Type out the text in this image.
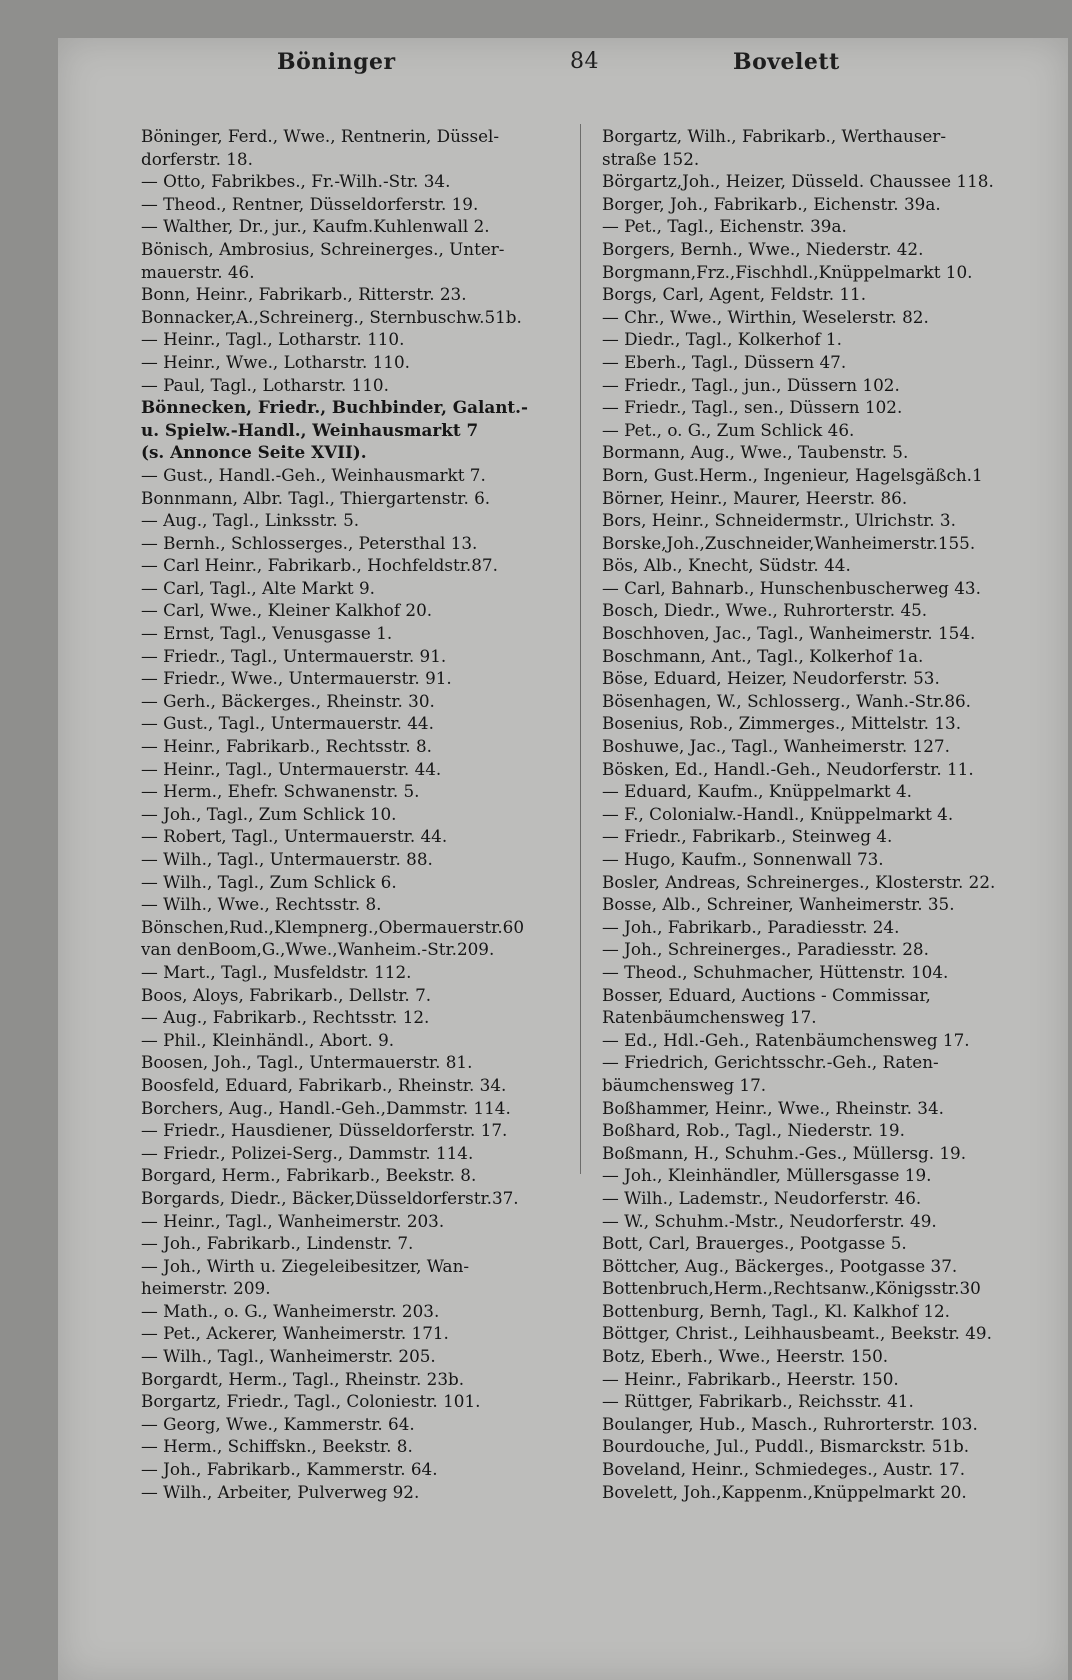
Böninger	84	Bovelett
Böninger, Ferd., Wwe., Rentnerin, Düssel-
dorferstr. 18.
— Otto, Fabrikbes., Fr.-Wilh.-Str. 34.
— Theod., Rentner, Düsseldorferstr. 19.
— Walther, Dr., jur., Kaufm.Kuhlenwall 2.
Bönisch, Ambrosius, Schreinerges., Unter-
mauerstr. 46.
Bonn, Heinr., Fabrikarb., Ritterstr. 23.
Bonnacker,A.,Schreinerg., Sternbuschw.51b.
— Heinr., Tagl., Lotharstr. 110.
— Heinr., Wwe., Lotharstr. 110.
— Paul, Tagl., Lotharstr. 110.
Bönnecken, Friedr., Buchbinder, Galant.-
u. Spielw.-Handl., Weinhausmarkt 7
(s. Annonce Seite XVII).
— Gust., Handl.-Geh., Weinhausmarkt 7.
Bonnmann, Albr. Tagl., Thiergartenstr. 6.
— Aug., Tagl., Linksstr. 5.
— Bernh., Schlosserges., Petersthal 13.
— Carl Heinr., Fabrikarb., Hochfeldstr.87.
— Carl, Tagl., Alte Markt 9.
— Carl, Wwe., Kleiner Kalkhof 20.
— Ernst, Tagl., Venusgasse 1.
— Friedr., Tagl., Untermauerstr. 91.
— Friedr., Wwe., Untermauerstr. 91.
— Gerh., Bäckerges., Rheinstr. 30.
— Gust., Tagl., Untermauerstr. 44.
— Heinr., Fabrikarb., Rechtsstr. 8.
— Heinr., Tagl., Untermauerstr. 44.
— Herm., Ehefr. Schwanenstr. 5.
— Joh., Tagl., Zum Schlick 10.
— Robert, Tagl., Untermauerstr. 44.
— Wilh., Tagl., Untermauerstr. 88.
— Wilh., Tagl., Zum Schlick 6.
— Wilh., Wwe., Rechtsstr. 8.
Bönschen,Rud.,Klempnerg.,Obermauerstr.60
van denBoom,G.,Wwe.,Wanheim.-Str.209.
— Mart., Tagl., Musfeldstr. 112.
Boos, Aloys, Fabrikarb., Dellstr. 7.
— Aug., Fabrikarb., Rechtsstr. 12.
— Phil., Kleinhändl., Abort. 9.
Boosen, Joh., Tagl., Untermauerstr. 81.
Boosfeld, Eduard, Fabrikarb., Rheinstr. 34.
Borchers, Aug., Handl.-Geh.,Dammstr. 114.
— Friedr., Hausdiener, Düsseldorferstr. 17.
— Friedr., Polizei-Serg., Dammstr. 114.
Borgard, Herm., Fabrikarb., Beekstr. 8.
Borgards, Diedr., Bäcker,Düsseldorferstr.37.
— Heinr., Tagl., Wanheimerstr. 203.
— Joh., Fabrikarb., Lindenstr. 7.
— Joh., Wirth u. Ziegeleibesitzer, Wan-
heimerstr. 209.
— Math., o. G., Wanheimerstr. 203.
— Pet., Ackerer, Wanheimerstr. 171.
— Wilh., Tagl., Wanheimerstr. 205.
Borgardt, Herm., Tagl., Rheinstr. 23b.
Borgartz, Friedr., Tagl., Coloniestr. 101.
— Georg, Wwe., Kammerstr. 64.
— Herm., Schiffskn., Beekstr. 8.
— Joh., Fabrikarb., Kammerstr. 64.
— Wilh., Arbeiter, Pulverweg 92.
Borgartz, Wilh., Fabrikarb., Werthauser-
straße 152.
Börgartz,Joh., Heizer, Düsseld. Chaussee 118.
Borger, Joh., Fabrikarb., Eichenstr. 39a.
— Pet., Tagl., Eichenstr. 39a.
Borgers, Bernh., Wwe., Niederstr. 42.
Borgmann,Frz.,Fischhdl.,Knüppelmarkt 10.
Borgs, Carl, Agent, Feldstr. 11.
— Chr., Wwe., Wirthin, Weselerstr. 82.
— Diedr., Tagl., Kolkerhof 1.
— Eberh., Tagl., Düssern 47.
— Friedr., Tagl., jun., Düssern 102.
— Friedr., Tagl., sen., Düssern 102.
— Pet., o. G., Zum Schlick 46.
Bormann, Aug., Wwe., Taubenstr. 5.
Born, Gust.Herm., Ingenieur, Hagelsgäßch.1
Börner, Heinr., Maurer, Heerstr. 86.
Bors, Heinr., Schneidermstr., Ulrichstr. 3.
Borske,Joh.,Zuschneider,Wanheimerstr.155.
Bös, Alb., Knecht, Südstr. 44.
— Carl, Bahnarb., Hunschenbuscherweg 43.
Bosch, Diedr., Wwe., Ruhrorterstr. 45.
Boschhoven, Jac., Tagl., Wanheimerstr. 154.
Boschmann, Ant., Tagl., Kolkerhof 1a.
Böse, Eduard, Heizer, Neudorferstr. 53.
Bösenhagen, W., Schlosserg., Wanh.-Str.86.
Bosenius, Rob., Zimmerges., Mittelstr. 13.
Boshuwe, Jac., Tagl., Wanheimerstr. 127.
Bösken, Ed., Handl.-Geh., Neudorferstr. 11.
— Eduard, Kaufm., Knüppelmarkt 4.
— F., Colonialw.-Handl., Knüppelmarkt 4.
— Friedr., Fabrikarb., Steinweg 4.
— Hugo, Kaufm., Sonnenwall 73.
Bosler, Andreas, Schreinerges., Klosterstr. 22.
Bosse, Alb., Schreiner, Wanheimerstr. 35.
— Joh., Fabrikarb., Paradiesstr. 24.
— Joh., Schreinerges., Paradiesstr. 28.
— Theod., Schuhmacher, Hüttenstr. 104.
Bosser, Eduard, Auctions - Commissar,
Ratenbäumchensweg 17.
— Ed., Hdl.-Geh., Ratenbäumchensweg 17.
— Friedrich, Gerichtsschr.-Geh., Raten-
bäumchensweg 17.
Boßhammer, Heinr., Wwe., Rheinstr. 34.
Boßhard, Rob., Tagl., Niederstr. 19.
Boßmann, H., Schuhm.-Ges., Müllersg. 19.
— Joh., Kleinhändler, Müllersgasse 19.
— Wilh., Lademstr., Neudorferstr. 46.
— W., Schuhm.-Mstr., Neudorferstr. 49.
Bott, Carl, Brauerges., Pootgasse 5.
Böttcher, Aug., Bäckerges., Pootgasse 37.
Bottenbruch,Herm.,Rechtsanw.,Königsstr.30
Bottenburg, Bernh, Tagl., Kl. Kalkhof 12.
Böttger, Christ., Leihhausbeamt., Beekstr. 49.
Botz, Eberh., Wwe., Heerstr. 150.
— Heinr., Fabrikarb., Heerstr. 150.
— Rüttger, Fabrikarb., Reichsstr. 41.
Boulanger, Hub., Masch., Ruhrorterstr. 103.
Bourdouche, Jul., Puddl., Bismarckstr. 51b.
Boveland, Heinr., Schmiedeges., Austr. 17.
Bovelett, Joh.,Kappenm.,Knüppelmarkt 20.
